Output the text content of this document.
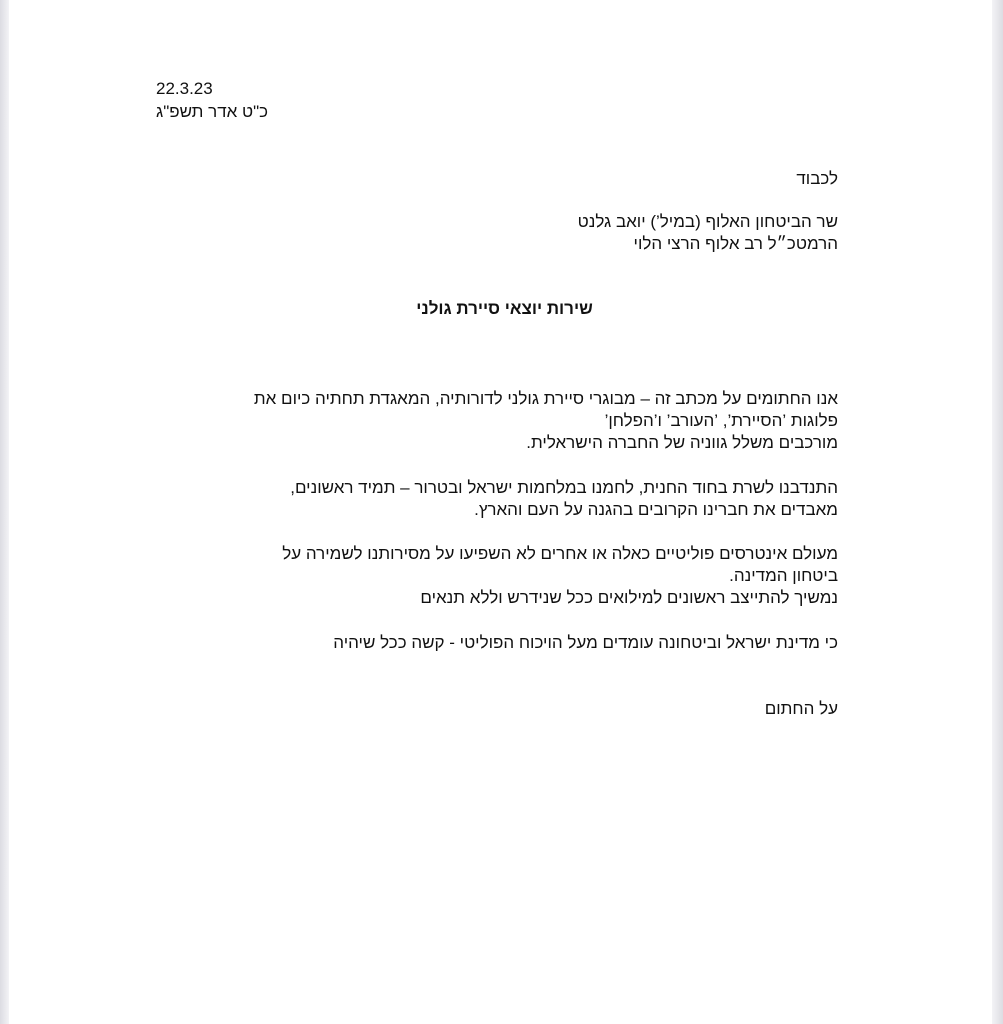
22.3.23
כ"ט אדר תשפ"ג
לכבוד
שר הביטחון האלוף (במיל’) יואב גלנט
הרמטכ״ל רב אלוף הרצי הלוי
שירות יוצאי סיירת גולני
אנו החתומים על מכתב זה – מבוגרי סיירת גולני לדורותיה, המאגדת תחתיה כיום את
פלוגות ’הסיירת’, ’העורב’ ו’הפלחן’
מורכבים משלל גווניה של החברה הישראלית.
התנדבנו לשרת בחוד החנית, לחמנו במלחמות ישראל ובטרור – תמיד ראשונים,
מאבדים את חברינו הקרובים בהגנה על העם והארץ.
מעולם אינטרסים פוליטיים כאלה או אחרים לא השפיעו על מסירותנו לשמירה על
ביטחון המדינה.
נמשיך להתייצב ראשונים למילואים ככל שנידרש וללא תנאים
כי מדינת ישראל וביטחונה עומדים מעל הויכוח הפוליטי - קשה ככל שיהיה
על החתום
